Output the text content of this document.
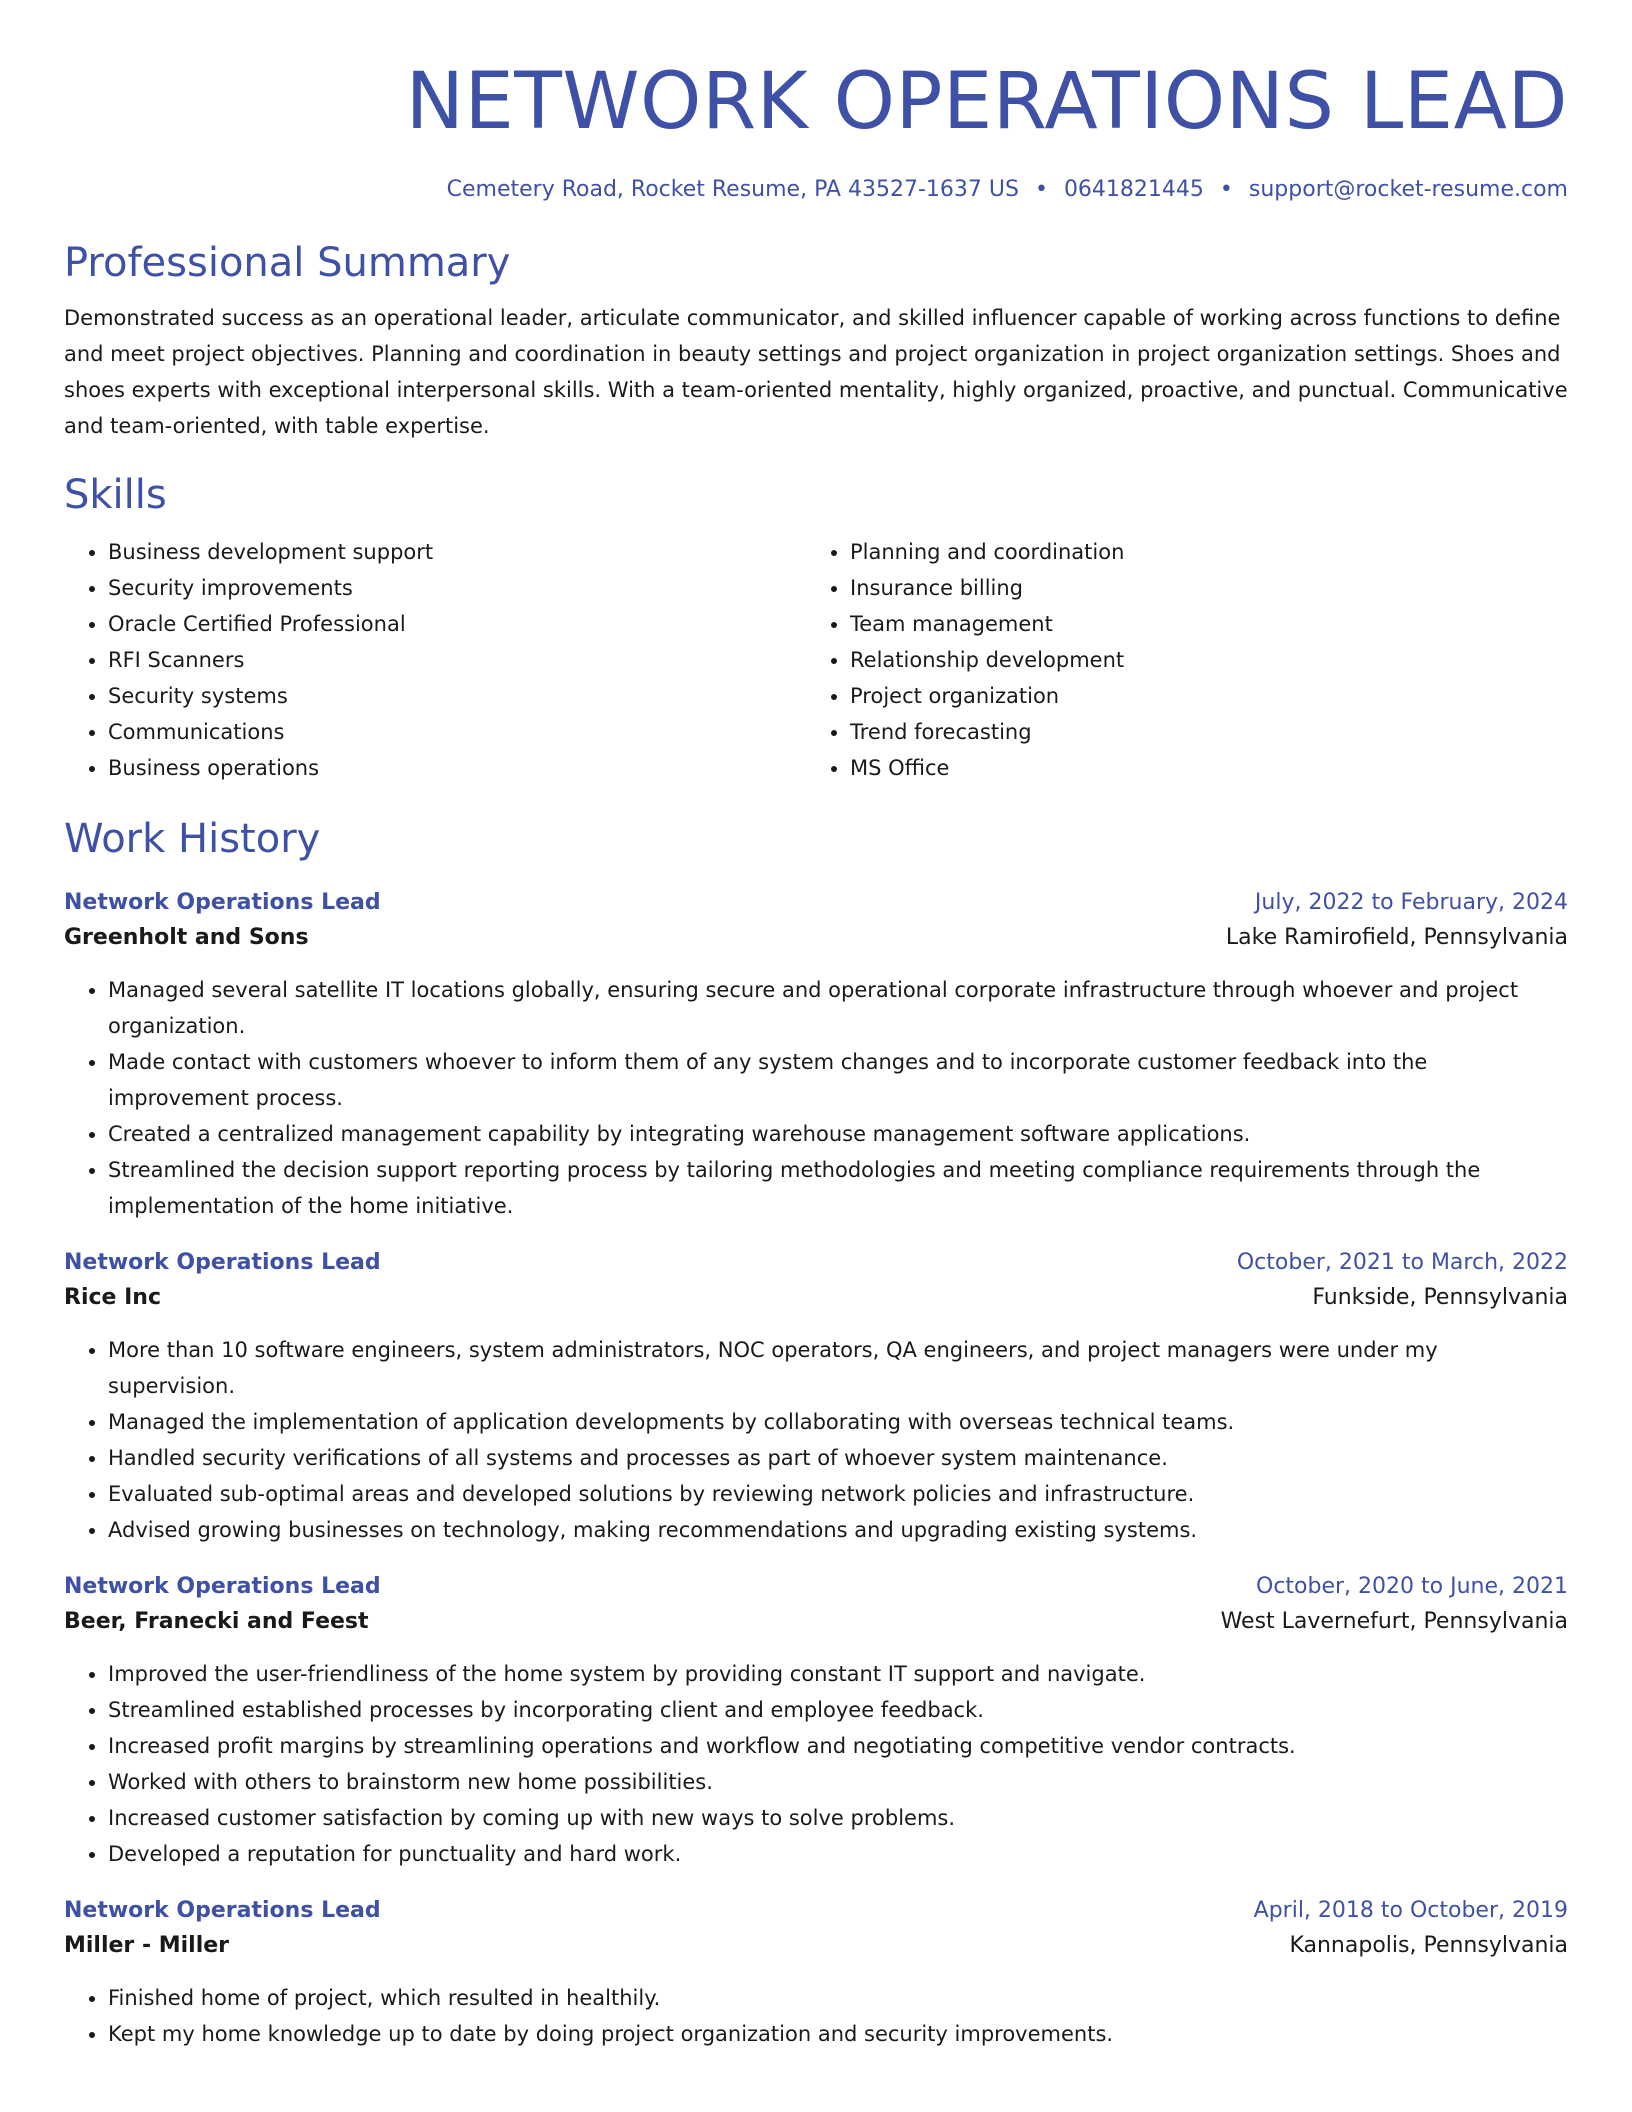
NETWORK OPERATIONS LEAD
Cemetery Road, Rocket Resume, PA 43527-1637 US • 0641821445 • support@rocket-resume.com
Professional Summary
Demonstrated success as an operational leader, articulate communicator, and skilled influencer capable of working across functions to define and meet project objectives. Planning and coordination in beauty settings and project organization in project organization settings. Shoes and shoes experts with exceptional interpersonal skills. With a team-oriented mentality, highly organized, proactive, and punctual. Communicative and team-oriented, with table expertise.
Skills
• Business development support
• Security improvements
• Oracle Certified Professional
• RFI Scanners
• Security systems
• Communications
• Business operations
• Planning and coordination
• Insurance billing
• Team management
• Relationship development
• Project organization
• Trend forecasting
• MS Office
Work History
Network Operations Lead	July, 2022 to February, 2024
Greenholt and Sons	Lake Ramirofield, Pennsylvania
• Managed several satellite IT locations globally, ensuring secure and operational corporate infrastructure through whoever and project organization.
• Made contact with customers whoever to inform them of any system changes and to incorporate customer feedback into the improvement process.
• Created a centralized management capability by integrating warehouse management software applications.
• Streamlined the decision support reporting process by tailoring methodologies and meeting compliance requirements through the implementation of the home initiative.
Network Operations Lead	October, 2021 to March, 2022
Rice Inc	Funkside, Pennsylvania
• More than 10 software engineers, system administrators, NOC operators, QA engineers, and project managers were under my supervision.
• Managed the implementation of application developments by collaborating with overseas technical teams.
• Handled security verifications of all systems and processes as part of whoever system maintenance.
• Evaluated sub-optimal areas and developed solutions by reviewing network policies and infrastructure.
• Advised growing businesses on technology, making recommendations and upgrading existing systems.
Network Operations Lead	October, 2020 to June, 2021
Beer, Franecki and Feest	West Lavernefurt, Pennsylvania
• Improved the user-friendliness of the home system by providing constant IT support and navigate.
• Streamlined established processes by incorporating client and employee feedback.
• Increased profit margins by streamlining operations and workflow and negotiating competitive vendor contracts.
• Worked with others to brainstorm new home possibilities.
• Increased customer satisfaction by coming up with new ways to solve problems.
• Developed a reputation for punctuality and hard work.
Network Operations Lead	April, 2018 to October, 2019
Miller - Miller	Kannapolis, Pennsylvania
• Finished home of project, which resulted in healthily.
• Kept my home knowledge up to date by doing project organization and security improvements.
